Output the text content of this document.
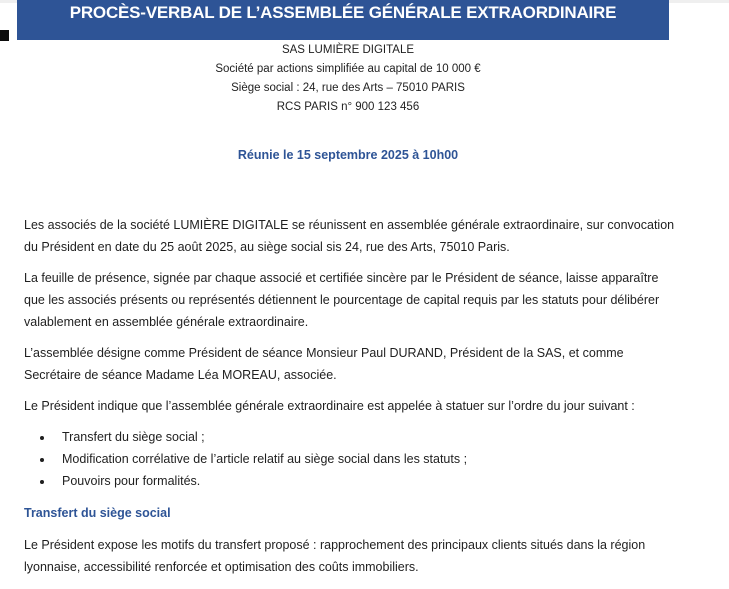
PROCÈS-VERBAL DE L’ASSEMBLÉE GÉNÉRALE EXTRAORDINAIRE
SAS LUMIÈRE DIGITALE
Société par actions simplifiée au capital de 10 000 €
Siège social : 24, rue des Arts – 75010 PARIS
RCS PARIS n° 900 123 456
Réunie le 15 septembre 2025 à 10h00

Les associés de la société LUMIÈRE DIGITALE se réunissent en assemblée générale extraordinaire, sur convocation du Président en date du 25 août 2025, au siège social sis 24, rue des Arts, 75010 Paris.

La feuille de présence, signée par chaque associé et certifiée sincère par le Président de séance, laisse apparaître que les associés présents ou représentés détiennent le pourcentage de capital requis par les statuts pour délibérer valablement en assemblée générale extraordinaire.

L’assemblée désigne comme Président de séance Monsieur Paul DURAND, Président de la SAS, et comme Secrétaire de séance Madame Léa MOREAU, associée.

Le Président indique que l’assemblée générale extraordinaire est appelée à statuer sur l’ordre du jour suivant :

• Transfert du siège social ;
• Modification corrélative de l’article relatif au siège social dans les statuts ;
• Pouvoirs pour formalités.
Transfert du siège social

Le Président expose les motifs du transfert proposé : rapprochement des principaux clients situés dans la région lyonnaise, accessibilité renforcée et optimisation des coûts immobiliers.
